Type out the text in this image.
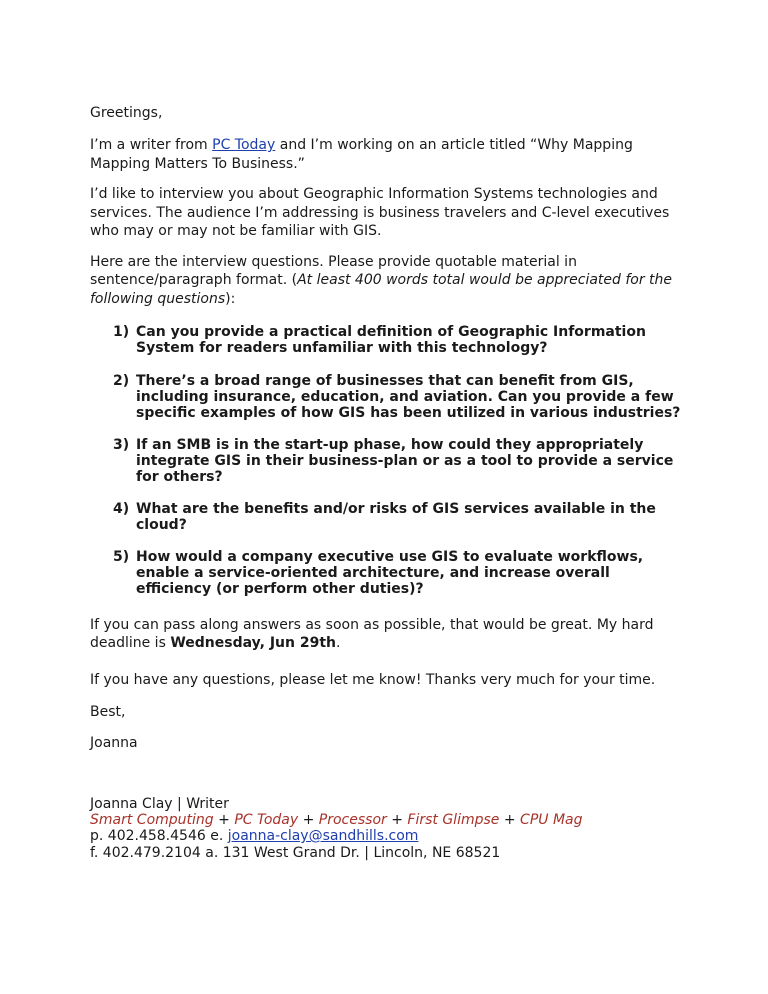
Greetings,

I’m a writer from PC Today and I’m working on an article titled “Why Mapping

Mapping Matters To Business.”

I’d like to interview you about Geographic Information Systems technologies and

services. The audience I’m addressing is business travelers and C-level executives

who may or may not be familiar with GIS.

Here are the interview questions. Please provide quotable material in

sentence/paragraph format. (At least 400 words total would be appreciated for the

following questions):

1) Can you provide a practical definition of Geographic Information
System for readers unfamiliar with this technology?
2) There’s a broad range of businesses that can benefit from GIS,
including insurance, education, and aviation. Can you provide a few
specific examples of how GIS has been utilized in various industries?
3) If an SMB is in the start-up phase, how could they appropriately
integrate GIS in their business-plan or as a tool to provide a service
for others?
4) What are the benefits and/or risks of GIS services available in the
cloud?
5) How would a company executive use GIS to evaluate workflows,
enable a service-oriented architecture, and increase overall
efficiency (or perform other duties)?

If you can pass along answers as soon as possible, that would be great. My hard

deadline is Wednesday, Jun 29th.

If you have any questions, please let me know! Thanks very much for your time.

Best,

Joanna

Joanna Clay | Writer

Smart Computing + PC Today + Processor + First Glimpse + CPU Mag

p. 402.458.4546 e. joanna-clay@sandhills.com

f. 402.479.2104 a. 131 West Grand Dr. | Lincoln, NE 68521
